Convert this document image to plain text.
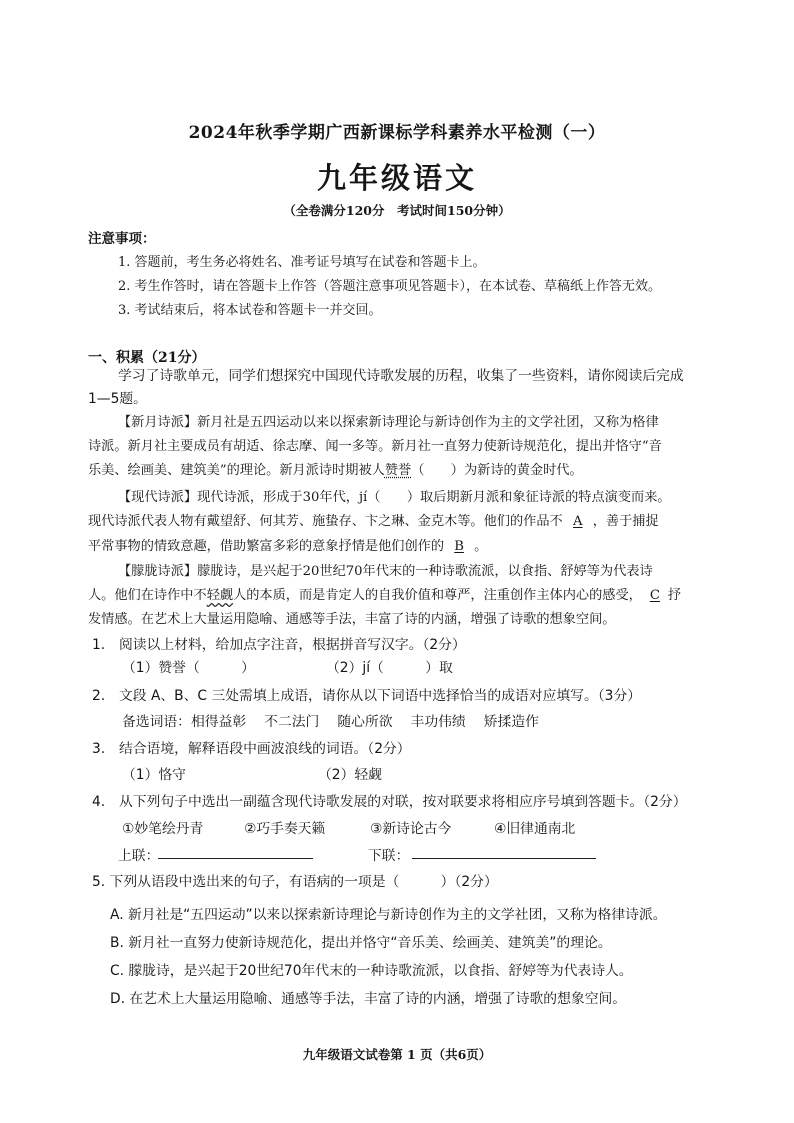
2024年秋季学期广西新课标学科素养水平检测（一）
九年级语文
（全卷满分120分　考试时间150分钟）
注意事项：
1. 答题前，考生务必将姓名、准考证号填写在试卷和答题卡上。
2. 考生作答时，请在答题卡上作答（答题注意事项见答题卡），在本试卷、草稿纸上作答无效。
3. 考试结束后，将本试卷和答题卡一并交回。
一、积累（21分）
学习了诗歌单元，同学们想探究中国现代诗歌发展的历程，收集了一些资料，请你阅读后完成
1—5题。
【新月诗派】新月社是五四运动以来以探索新诗理论与新诗创作为主的文学社团，又称为格律
诗派。新月社主要成员有胡适、徐志摩、闻一多等。新月社一直努力使新诗规范化，提出并恪守“音
乐美、绘画美、建筑美”的理论。新月派诗时期被人赞誉（　　）为新诗的黄金时代。
【现代诗派】现代诗派，形成于30年代，jí（　　）取后期新月派和象征诗派的特点演变而来。
现代诗派代表人物有戴望舒、何其芳、施蛰存、卞之琳、金克木等。他们的作品不 A ，善于捕捉
平常事物的情致意趣，借助繁富多彩的意象抒情是他们创作的 B 。
【朦胧诗派】朦胧诗，是兴起于20世纪70年代末的一种诗歌流派，以食指、舒婷等为代表诗
人。他们在诗作中不轻觑人的本质，而是肯定人的自我价值和尊严，注重创作主体内心的感受， C 抒
发情感。在艺术上大量运用隐喻、通感等手法，丰富了诗的内涵，增强了诗歌的想象空间。
1.　阅读以上材料，给加点字注音，根据拼音写汉字。（2分）
（1）赞誉（　　　）	（2）jí（　　　）取
2.　文段 A、B、C 三处需填上成语，请你从以下词语中选择恰当的成语对应填写。（3分）
备选词语：相得益彰 不二法门 随心所欲 丰功伟绩 矫揉造作
3.　结合语境，解释语段中画波浪线的词语。（2分）
（1）恪守	（2）轻觑
4.　从下列句子中选出一副蕴含现代诗歌发展的对联，按对联要求将相应序号填到答题卡。（2分）
①妙笔绘丹青	②巧手奏天籁	③新诗论古今	④旧律通南北
上联：	下联：
5. 下列从语段中选出来的句子，有语病的一项是（　　　）（2分）
A. 新月社是“五四运动”以来以探索新诗理论与新诗创作为主的文学社团，又称为格律诗派。
B. 新月社一直努力使新诗规范化，提出并恪守“音乐美、绘画美、建筑美”的理论。
C. 朦胧诗，是兴起于20世纪70年代末的一种诗歌流派，以食指、舒婷等为代表诗人。
D. 在艺术上大量运用隐喻、通感等手法，丰富了诗的内涵，增强了诗歌的想象空间。
九年级语文试卷第 1 页（共6页）
